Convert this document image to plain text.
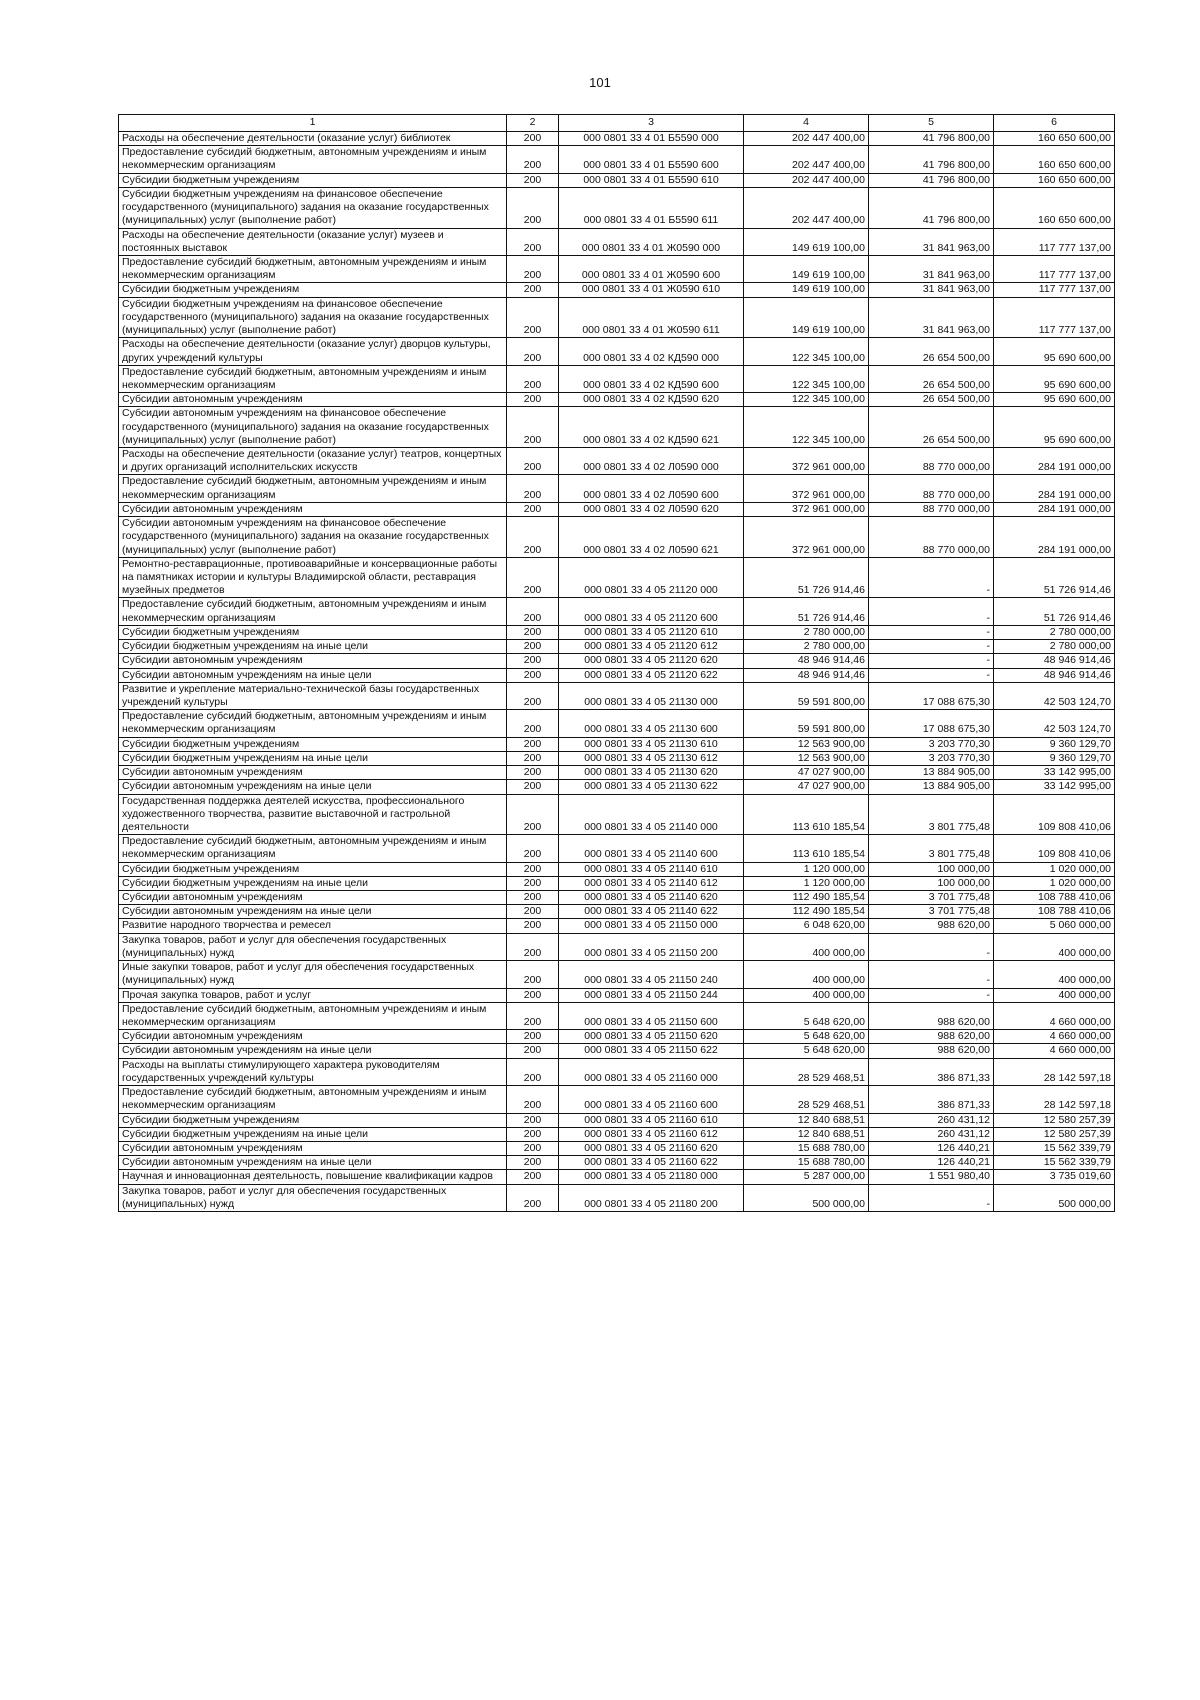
101
1	2	3	4	5	6
Расходы на обеспечение деятельности (оказание услуг) библиотек	200	000 0801 33 4 01 Б5590 000	202 447 400,00	41 796 800,00	160 650 600,00
Предоставление субсидий бюджетным, автономным учреждениям и иным некоммерческим организациям	200	000 0801 33 4 01 Б5590 600	202 447 400,00	41 796 800,00	160 650 600,00
Субсидии бюджетным учреждениям	200	000 0801 33 4 01 Б5590 610	202 447 400,00	41 796 800,00	160 650 600,00
Субсидии бюджетным учреждениям на финансовое обеспечение государственного (муниципального) задания на оказание государственных (муниципальных) услуг (выполнение работ)	200	000 0801 33 4 01 Б5590 611	202 447 400,00	41 796 800,00	160 650 600,00
Расходы на обеспечение деятельности (оказание услуг) музеев и постоянных выставок	200	000 0801 33 4 01 Ж0590 000	149 619 100,00	31 841 963,00	117 777 137,00
Предоставление субсидий бюджетным, автономным учреждениям и иным некоммерческим организациям	200	000 0801 33 4 01 Ж0590 600	149 619 100,00	31 841 963,00	117 777 137,00
Субсидии бюджетным учреждениям	200	000 0801 33 4 01 Ж0590 610	149 619 100,00	31 841 963,00	117 777 137,00
Субсидии бюджетным учреждениям на финансовое обеспечение государственного (муниципального) задания на оказание государственных (муниципальных) услуг (выполнение работ)	200	000 0801 33 4 01 Ж0590 611	149 619 100,00	31 841 963,00	117 777 137,00
Расходы на обеспечение деятельности (оказание услуг) дворцов культуры, других учреждений культуры	200	000 0801 33 4 02 КД590 000	122 345 100,00	26 654 500,00	95 690 600,00
Предоставление субсидий бюджетным, автономным учреждениям и иным некоммерческим организациям	200	000 0801 33 4 02 КД590 600	122 345 100,00	26 654 500,00	95 690 600,00
Субсидии автономным учреждениям	200	000 0801 33 4 02 КД590 620	122 345 100,00	26 654 500,00	95 690 600,00
Субсидии автономным учреждениям на финансовое обеспечение государственного (муниципального) задания на оказание государственных (муниципальных) услуг (выполнение работ)	200	000 0801 33 4 02 КД590 621	122 345 100,00	26 654 500,00	95 690 600,00
Расходы на обеспечение деятельности (оказание услуг) театров, концертных и других организаций исполнительских искусств	200	000 0801 33 4 02 Л0590 000	372 961 000,00	88 770 000,00	284 191 000,00
Предоставление субсидий бюджетным, автономным учреждениям и иным некоммерческим организациям	200	000 0801 33 4 02 Л0590 600	372 961 000,00	88 770 000,00	284 191 000,00
Субсидии автономным учреждениям	200	000 0801 33 4 02 Л0590 620	372 961 000,00	88 770 000,00	284 191 000,00
Субсидии автономным учреждениям на финансовое обеспечение государственного (муниципального) задания на оказание государственных (муниципальных) услуг (выполнение работ)	200	000 0801 33 4 02 Л0590 621	372 961 000,00	88 770 000,00	284 191 000,00
Ремонтно-реставрационные, противоаварийные и консервационные работы на памятниках истории и культуры Владимирской области, реставрация музейных предметов	200	000 0801 33 4 05 21120 000	51 726 914,46	-	51 726 914,46
Предоставление субсидий бюджетным, автономным учреждениям и иным некоммерческим организациям	200	000 0801 33 4 05 21120 600	51 726 914,46	-	51 726 914,46
Субсидии бюджетным учреждениям	200	000 0801 33 4 05 21120 610	2 780 000,00	-	2 780 000,00
Субсидии бюджетным учреждениям на иные цели	200	000 0801 33 4 05 21120 612	2 780 000,00	-	2 780 000,00
Субсидии автономным учреждениям	200	000 0801 33 4 05 21120 620	48 946 914,46	-	48 946 914,46
Субсидии автономным учреждениям на иные цели	200	000 0801 33 4 05 21120 622	48 946 914,46	-	48 946 914,46
Развитие и укрепление материально-технической базы государственных учреждений культуры	200	000 0801 33 4 05 21130 000	59 591 800,00	17 088 675,30	42 503 124,70
Предоставление субсидий бюджетным, автономным учреждениям и иным некоммерческим организациям	200	000 0801 33 4 05 21130 600	59 591 800,00	17 088 675,30	42 503 124,70
Субсидии бюджетным учреждениям	200	000 0801 33 4 05 21130 610	12 563 900,00	3 203 770,30	9 360 129,70
Субсидии бюджетным учреждениям на иные цели	200	000 0801 33 4 05 21130 612	12 563 900,00	3 203 770,30	9 360 129,70
Субсидии автономным учреждениям	200	000 0801 33 4 05 21130 620	47 027 900,00	13 884 905,00	33 142 995,00
Субсидии автономным учреждениям на иные цели	200	000 0801 33 4 05 21130 622	47 027 900,00	13 884 905,00	33 142 995,00
Государственная поддержка деятелей искусства, профессионального художественного творчества, развитие выставочной и гастрольной деятельности	200	000 0801 33 4 05 21140 000	113 610 185,54	3 801 775,48	109 808 410,06
Предоставление субсидий бюджетным, автономным учреждениям и иным некоммерческим организациям	200	000 0801 33 4 05 21140 600	113 610 185,54	3 801 775,48	109 808 410,06
Субсидии бюджетным учреждениям	200	000 0801 33 4 05 21140 610	1 120 000,00	100 000,00	1 020 000,00
Субсидии бюджетным учреждениям на иные цели	200	000 0801 33 4 05 21140 612	1 120 000,00	100 000,00	1 020 000,00
Субсидии автономным учреждениям	200	000 0801 33 4 05 21140 620	112 490 185,54	3 701 775,48	108 788 410,06
Субсидии автономным учреждениям на иные цели	200	000 0801 33 4 05 21140 622	112 490 185,54	3 701 775,48	108 788 410,06
Развитие народного творчества и ремесел	200	000 0801 33 4 05 21150 000	6 048 620,00	988 620,00	5 060 000,00
Закупка товаров, работ и услуг для обеспечения государственных (муниципальных) нужд	200	000 0801 33 4 05 21150 200	400 000,00	-	400 000,00
Иные закупки товаров, работ и услуг для обеспечения государственных (муниципальных) нужд	200	000 0801 33 4 05 21150 240	400 000,00	-	400 000,00
Прочая закупка товаров, работ и услуг	200	000 0801 33 4 05 21150 244	400 000,00	-	400 000,00
Предоставление субсидий бюджетным, автономным учреждениям и иным некоммерческим организациям	200	000 0801 33 4 05 21150 600	5 648 620,00	988 620,00	4 660 000,00
Субсидии автономным учреждениям	200	000 0801 33 4 05 21150 620	5 648 620,00	988 620,00	4 660 000,00
Субсидии автономным учреждениям на иные цели	200	000 0801 33 4 05 21150 622	5 648 620,00	988 620,00	4 660 000,00
Расходы на выплаты стимулирующего характера руководителям государственных учреждений культуры	200	000 0801 33 4 05 21160 000	28 529 468,51	386 871,33	28 142 597,18
Предоставление субсидий бюджетным, автономным учреждениям и иным некоммерческим организациям	200	000 0801 33 4 05 21160 600	28 529 468,51	386 871,33	28 142 597,18
Субсидии бюджетным учреждениям	200	000 0801 33 4 05 21160 610	12 840 688,51	260 431,12	12 580 257,39
Субсидии бюджетным учреждениям на иные цели	200	000 0801 33 4 05 21160 612	12 840 688,51	260 431,12	12 580 257,39
Субсидии автономным учреждениям	200	000 0801 33 4 05 21160 620	15 688 780,00	126 440,21	15 562 339,79
Субсидии автономным учреждениям на иные цели	200	000 0801 33 4 05 21160 622	15 688 780,00	126 440,21	15 562 339,79
Научная и инновационная деятельность, повышение квалификации кадров	200	000 0801 33 4 05 21180 000	5 287 000,00	1 551 980,40	3 735 019,60
Закупка товаров, работ и услуг для обеспечения государственных (муниципальных) нужд	200	000 0801 33 4 05 21180 200	500 000,00	-	500 000,00
